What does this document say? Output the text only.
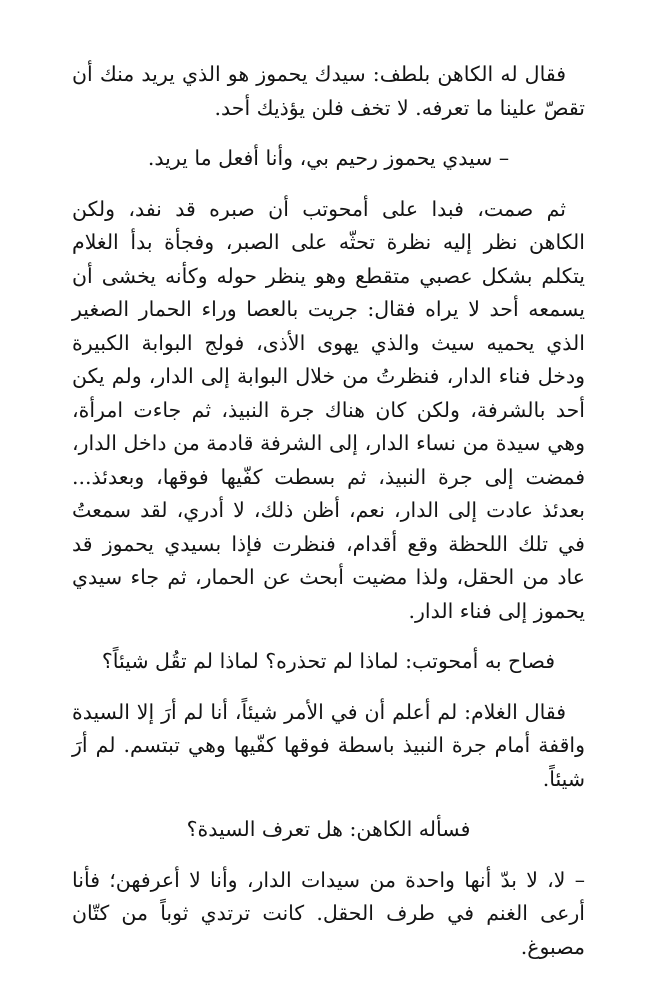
فقال له الكاهن بلطف: سيدك يحموز هو الذي يريد منك أن تقصّ علينا ما تعرفه. لا تخف فلن يؤذيك أحد.

– سيدي يحموز رحيم بي، وأنا أفعل ما يريد.

ثم صمت، فبدا على أمحوتب أن صبره قد نفد، ولكن الكاهن نظر إليه نظرة تحثّه على الصبر، وفجأة بدأ الغلام يتكلم بشكل عصبي متقطع وهو ينظر حوله وكأنه يخشى أن يسمعه أحد لا يراه فقال: جريت بالعصا وراء الحمار الصغير الذي يحميه سيث والذي يهوى الأذى، فولج البوابة الكبيرة ودخل فناء الدار، فنظرتُ من خلال البوابة إلى الدار، ولم يكن أحد بالشرفة، ولكن كان هناك جرة النبيذ، ثم جاءت امرأة، وهي سيدة من نساء الدار، إلى الشرفة قادمة من داخل الدار، فمضت إلى جرة النبيذ، ثم بسطت كفّيها فوقها، وبعدئذ... بعدئذ عادت إلى الدار، نعم، أظن ذلك، لا أدري، لقد سمعتُ في تلك اللحظة وقع أقدام، فنظرت فإذا بسيدي يحموز قد عاد من الحقل، ولذا مضيت أبحث عن الحمار، ثم جاء سيدي يحموز إلى فناء الدار.

فصاح به أمحوتب: لماذا لم تحذره؟ لماذا لم تقُل شيئاً؟

فقال الغلام: لم أعلم أن في الأمر شيئاً، أنا لم أرَ إلا السيدة واقفة أمام جرة النبيذ باسطة فوقها كفّيها وهي تبتسم. لم أرَ شيئاً.

فسأله الكاهن: هل تعرف السيدة؟

– لا، لا بدّ أنها واحدة من سيدات الدار، وأنا لا أعرفهن؛ فأنا أرعى الغنم في طرف الحقل. كانت ترتدي ثوباً من كتّان مصبوغ.
